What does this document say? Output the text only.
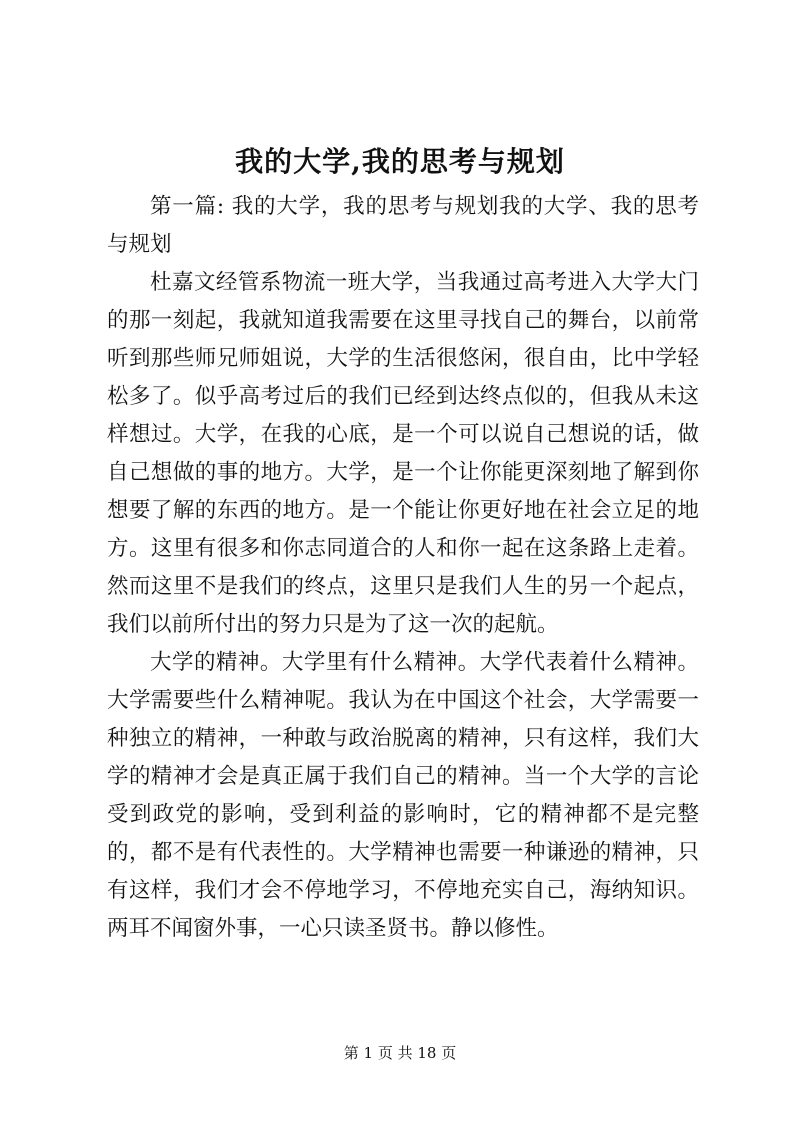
我的大学,我的思考与规划

第一篇: 我的大学，我的思考与规划我的大学、我的思考与规划

杜嘉文经管系物流一班大学，当我通过高考进入大学大门的那一刻起，我就知道我需要在这里寻找自己的舞台，以前常听到那些师兄师姐说，大学的生活很悠闲，很自由，比中学轻松多了。似乎高考过后的我们已经到达终点似的，但我从未这样想过。大学，在我的心底，是一个可以说自己想说的话，做自己想做的事的地方。大学，是一个让你能更深刻地了解到你想要了解的东西的地方。是一个能让你更好地在社会立足的地方。这里有很多和你志同道合的人和你一起在这条路上走着。然而这里不是我们的终点，这里只是我们人生的另一个起点，我们以前所付出的努力只是为了这一次的起航。

大学的精神。大学里有什么精神。大学代表着什么精神。大学需要些什么精神呢。我认为在中国这个社会，大学需要一种独立的精神，一种敢与政治脱离的精神，只有这样，我们大学的精神才会是真正属于我们自己的精神。当一个大学的言论受到政党的影响，受到利益的影响时，它的精神都不是完整的，都不是有代表性的。大学精神也需要一种谦逊的精神，只有这样，我们才会不停地学习，不停地充实自己，海纳知识。两耳不闻窗外事，一心只读圣贤书。静以修性。

第 1 页 共 18 页
